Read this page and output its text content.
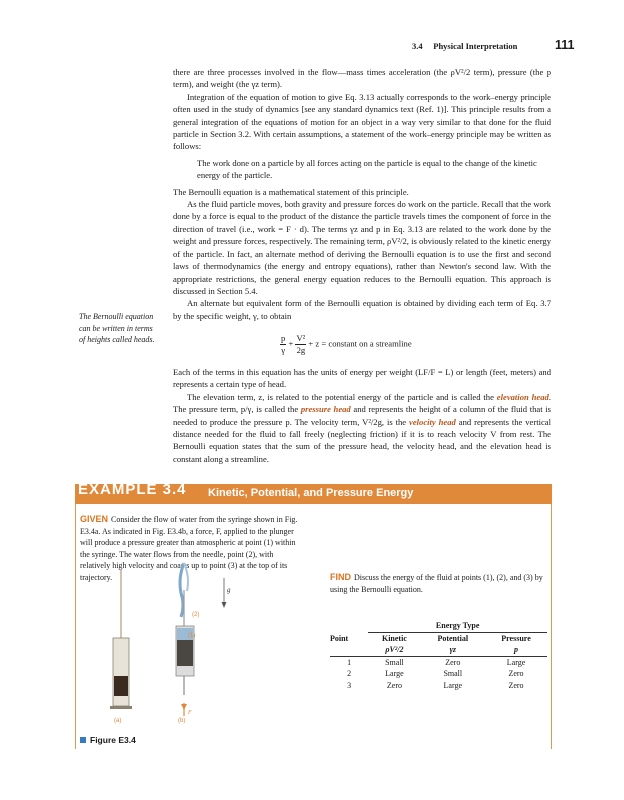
3.4 Physical Interpretation	111

there are three processes involved in the flow—mass times acceleration (the ρV²/2 term), pressure (the p term), and weight (the γz term).

Integration of the equation of motion to give Eq. 3.13 actually corresponds to the work–energy principle often used in the study of dynamics [see any standard dynamics text (Ref. 1)]. This principle results from a general integration of the equations of motion for an object in a way very similar to that done for the fluid particle in Section 3.2. With certain assumptions, a statement of the work–energy principle may be written as follows:

The work done on a particle by all forces acting on the particle is equal to the change of the kinetic energy of the particle.

The Bernoulli equation is a mathematical statement of this principle.

As the fluid particle moves, both gravity and pressure forces do work on the particle. Recall that the work done by a force is equal to the product of the distance the particle travels times the component of force in the direction of travel (i.e., work = F · d). The terms γz and p in Eq. 3.13 are related to the work done by the weight and pressure forces, respectively. The remaining term, ρV²/2, is obviously related to the kinetic energy of the particle. In fact, an alternate method of deriving the Bernoulli equation is to use the first and second laws of thermodynamics (the energy and entropy equations), rather than Newton's second law. With the appropriate restrictions, the general energy equation reduces to the Bernoulli equation. This approach is discussed in Section 5.4.

An alternate but equivalent form of the Bernoulli equation is obtained by dividing each term of Eq. 3.7 by the specific weight, γ, to obtain

The Bernoulli equation can be written in terms of heights called heads.	$\frac{p}{\gamma} + \frac{\text{V²}}{2g} + z$ = constant on a streamline

Each of the terms in this equation has the units of energy per weight (LF/F = L) or length (feet, meters) and represents a certain type of head.

The elevation term, z, is related to the potential energy of the particle and is called the elevation head. The pressure term, p/γ, is called the pressure head and represents the height of a column of the fluid that is needed to produce the pressure p. The velocity term, V²/2g, is the velocity head and represents the vertical distance needed for the fluid to fall freely (neglecting friction) if it is to reach velocity V from rest. The Bernoulli equation states that the sum of the pressure head, the velocity head, and the elevation head is constant along a streamline.

EXAMPLE 3.4 Kinetic, Potential, and Pressure Energy
GIVEN Consider the flow of water from the syringe shown in Fig. E3.4a. As indicated in Fig. E3.4b, a force, F, applied to the plunger will produce a pressure greater than atmospheric at point (1) within the syringe. The water flows from the needle, point (2), with relatively high velocity and coasts up to point (3) at the top of its trajectory.
(2)
(1)
g
F
(a)	(b)
Figure E3.4
FIND Discuss the energy of the fluid at points (1), (2), and (3) by using the Bernoulli equation.
	Energy Type		
Point	Kinetic	Potential	Pressure
	ρV²/2	γz	p
1	Small	Zero	Large
2	Large	Small	Zero
3	Zero	Large	Zero
